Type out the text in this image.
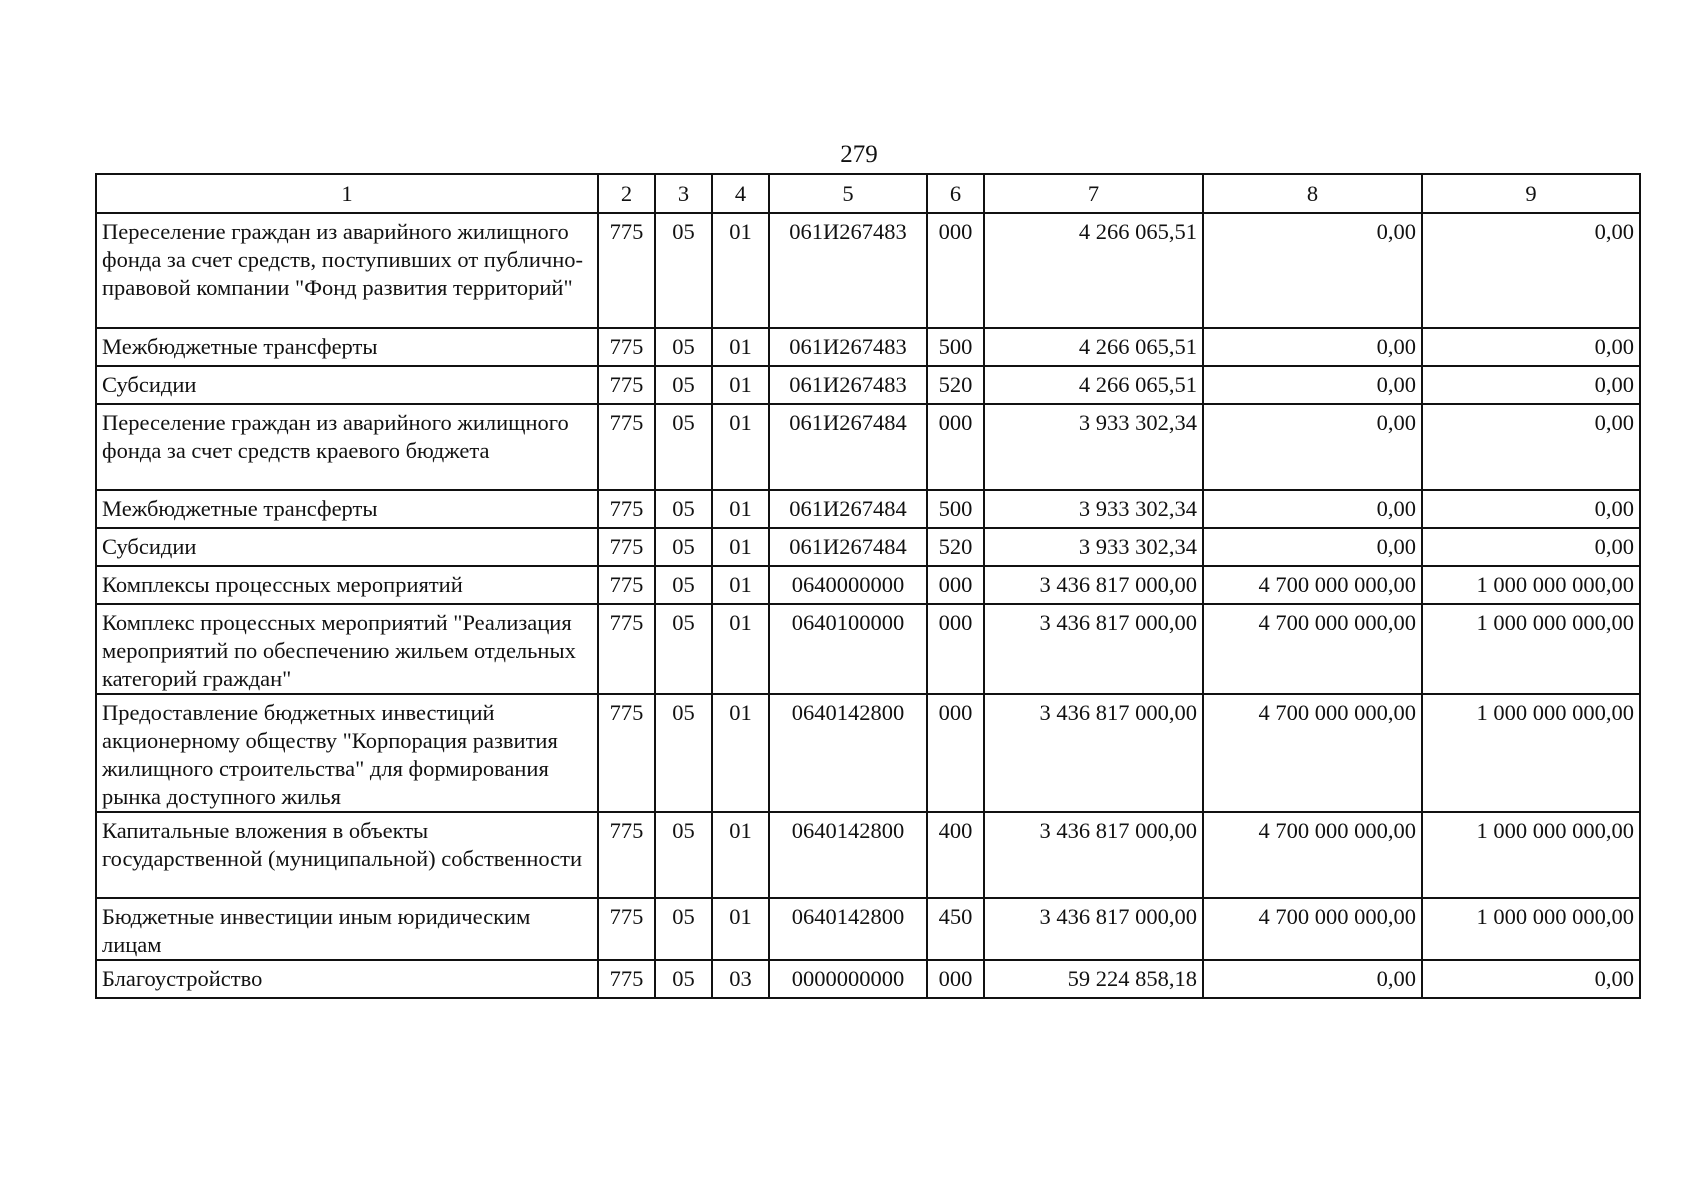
279
1	2	3	4	5	6	7	8	9
Переселение граждан из аварийного жилищного фонда за счет средств, поступивших от публично-правовой компании "Фонд развития территорий"	775	05	01	061И267483	000	4 266 065,51	0,00	0,00
Межбюджетные трансферты	775	05	01	061И267483	500	4 266 065,51	0,00	0,00
Субсидии	775	05	01	061И267483	520	4 266 065,51	0,00	0,00
Переселение граждан из аварийного жилищного фонда за счет средств краевого бюджета	775	05	01	061И267484	000	3 933 302,34	0,00	0,00
Межбюджетные трансферты	775	05	01	061И267484	500	3 933 302,34	0,00	0,00
Субсидии	775	05	01	061И267484	520	3 933 302,34	0,00	0,00
Комплексы процессных мероприятий	775	05	01	0640000000	000	3 436 817 000,00	4 700 000 000,00	1 000 000 000,00
Комплекс процессных мероприятий "Реализация мероприятий по обеспечению жильем отдельных категорий граждан"	775	05	01	0640100000	000	3 436 817 000,00	4 700 000 000,00	1 000 000 000,00
Предоставление бюджетных инвестиций акционерному обществу "Корпорация развития жилищного строительства" для формирования рынка доступного жилья	775	05	01	0640142800	000	3 436 817 000,00	4 700 000 000,00	1 000 000 000,00
Капитальные вложения в объекты государственной (муниципальной) собственности	775	05	01	0640142800	400	3 436 817 000,00	4 700 000 000,00	1 000 000 000,00
Бюджетные инвестиции иным юридическим лицам	775	05	01	0640142800	450	3 436 817 000,00	4 700 000 000,00	1 000 000 000,00
Благоустройство	775	05	03	0000000000	000	59 224 858,18	0,00	0,00
